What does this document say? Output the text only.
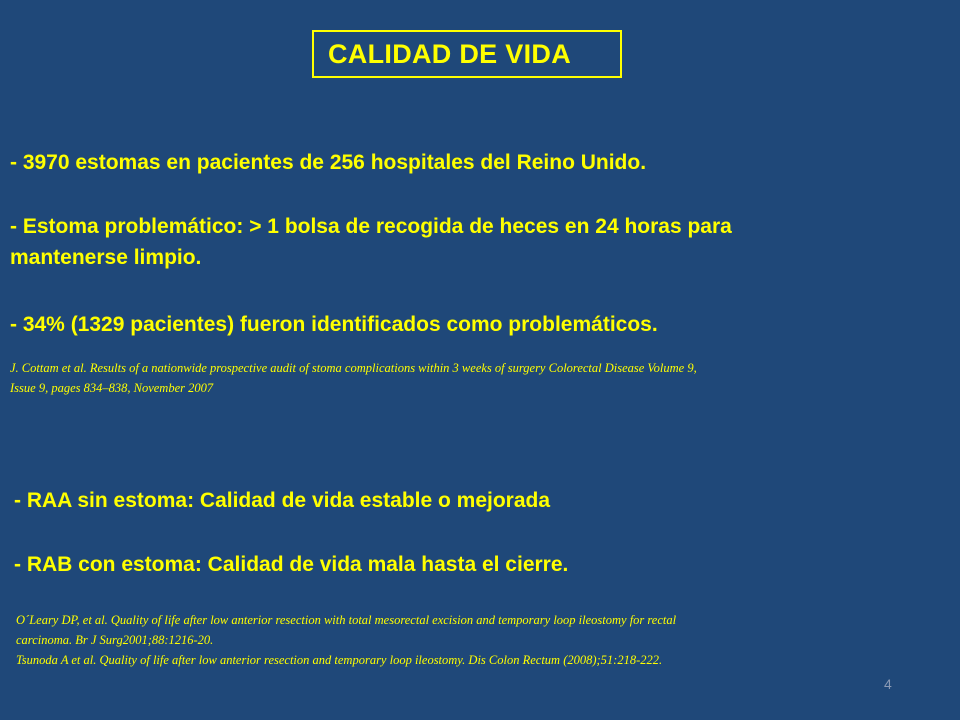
CALIDAD DE VIDA
- 3970 estomas en pacientes de 256 hospitales del Reino Unido.
- Estoma problemático: > 1 bolsa de recogida de heces en 24 horas para
mantenerse limpio.
- 34% (1329 pacientes) fueron identificados como problemáticos.
J. Cottam et al. Results of a nationwide prospective audit of stoma complications within 3 weeks of surgery Colorectal Disease Volume 9,
Issue 9, pages 834–838, November 2007
- RAA sin estoma: Calidad de vida estable o mejorada
- RAB con estoma: Calidad de vida mala hasta el cierre.
O´Leary DP, et al. Quality of life after low anterior resection with total mesorectal excision and temporary loop ileostomy for rectal
carcinoma. Br J Surg2001;88:1216-20.
Tsunoda A et al. Quality of life after low anterior resection and temporary loop ileostomy. Dis Colon Rectum (2008);51:218-222.
4
